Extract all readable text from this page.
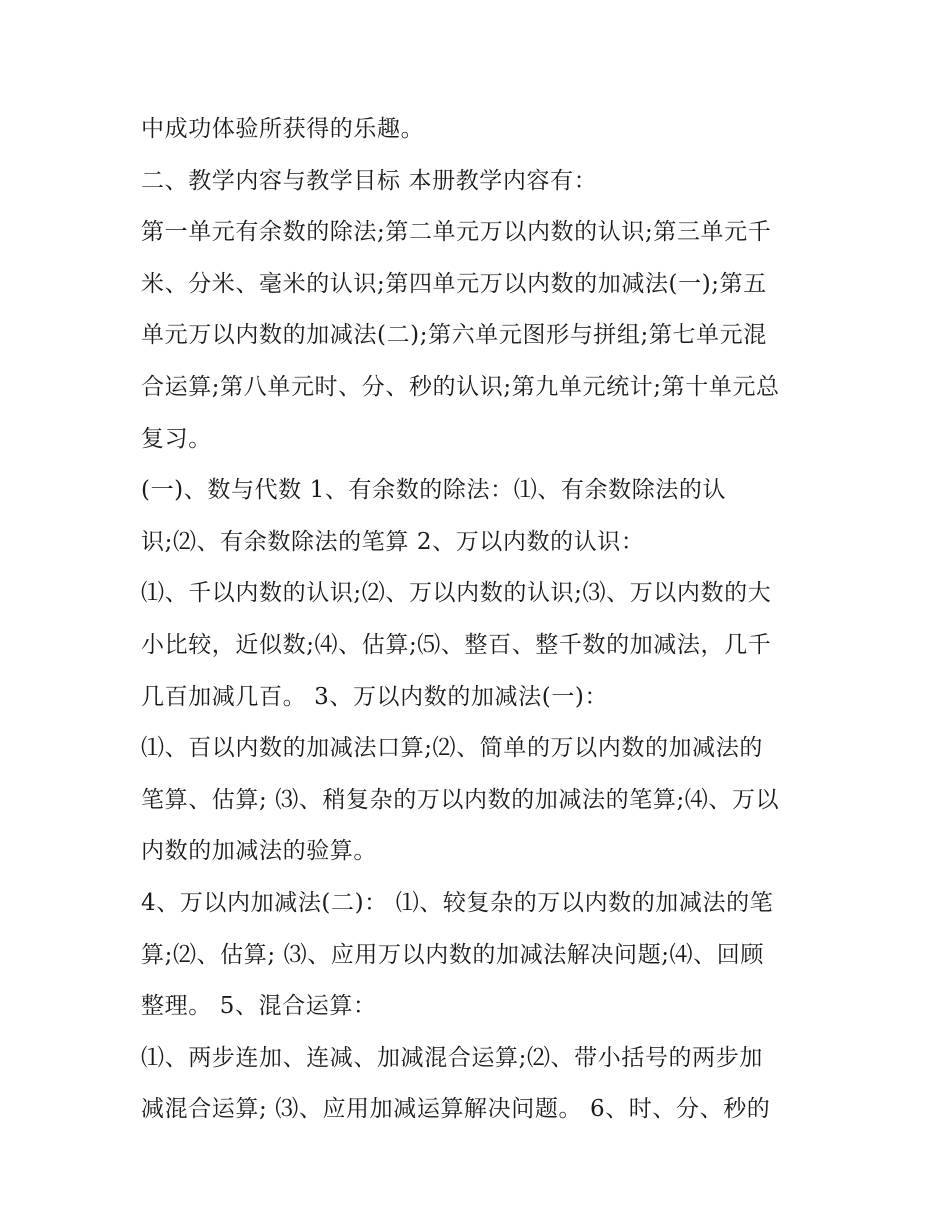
中成功体验所获得的乐趣。
二、教学内容与教学目标 本册教学内容有：
第一单元有余数的除法;第二单元万以内数的认识;第三单元千
米、分米、毫米的认识;第四单元万以内数的加减法(一);第五
单元万以内数的加减法(二);第六单元图形与拼组;第七单元混
合运算;第八单元时、分、秒的认识;第九单元统计;第十单元总
复习。
(一)、数与代数 1、有余数的除法：⑴、有余数除法的认
识;⑵、有余数除法的笔算 2、万以内数的认识：
⑴、千以内数的认识;⑵、万以内数的认识;⑶、万以内数的大
小比较，近似数;⑷、估算;⑸、整百、整千数的加减法，几千
几百加减几百。 3、万以内数的加减法(一)：
⑴、百以内数的加减法口算;⑵、简单的万以内数的加减法的
笔算、估算; ⑶、稍复杂的万以内数的加减法的笔算;⑷、万以
内数的加减法的验算。
4、万以内加减法(二)： ⑴、较复杂的万以内数的加减法的笔
算;⑵、估算; ⑶、应用万以内数的加减法解决问题;⑷、回顾
整理。 5、混合运算：
⑴、两步连加、连减、加减混合运算;⑵、带小括号的两步加
减混合运算; ⑶、应用加减运算解决问题。 6、时、分、秒的
